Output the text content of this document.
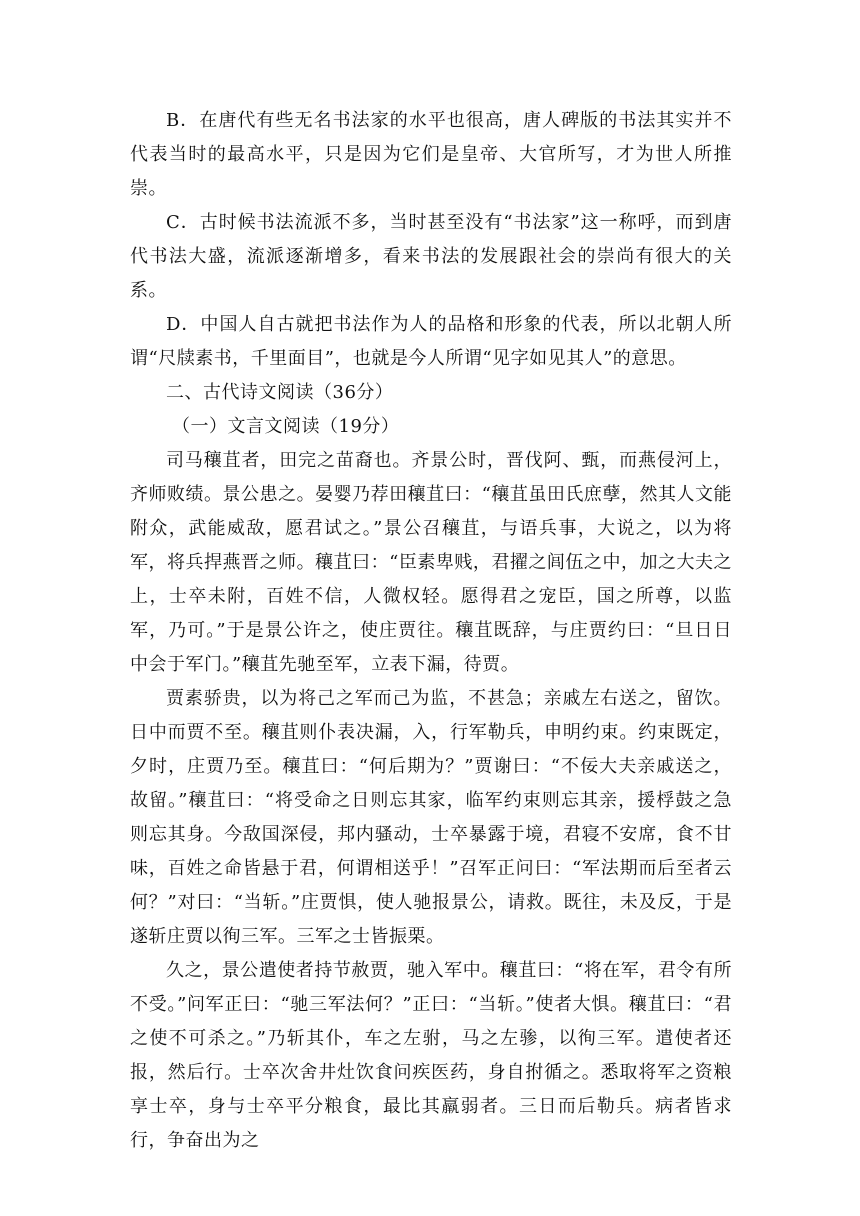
B．在唐代有些无名书法家的水平也很高，唐人碑版的书法其实并不代表当时的最高水平，只是因为它们是皇帝、大官所写，才为世人所推崇。

C．古时候书法流派不多，当时甚至没有“书法家”这一称呼，而到唐代书法大盛，流派逐渐增多，看来书法的发展跟社会的崇尚有很大的关系。

D．中国人自古就把书法作为人的品格和形象的代表，所以北朝人所谓“尺牍素书，千里面目”，也就是今人所谓“见字如见其人”的意思。

二、古代诗文阅读（36分）

（一）文言文阅读（19分）

司马穰苴者，田完之苗裔也。齐景公时，晋伐阿、甄，而燕侵河上，齐师败绩。景公患之。晏婴乃荐田穰苴曰：“穰苴虽田氏庶孽，然其人文能附众，武能威敌，愿君试之。”景公召穰苴，与语兵事，大说之，以为将军，将兵捍燕晋之师。穰苴曰：“臣素卑贱，君擢之闾伍之中，加之大夫之上，士卒未附，百姓不信，人微权轻。愿得君之宠臣，国之所尊，以监军，乃可。”于是景公许之，使庄贾往。穰苴既辞，与庄贾约曰：“旦日日中会于军门。”穰苴先驰至军，立表下漏，待贾。

贾素骄贵，以为将己之军而己为监，不甚急；亲戚左右送之，留饮。日中而贾不至。穰苴则仆表决漏，入，行军勒兵，申明约束。约束既定，夕时，庄贾乃至。穰苴曰：“何后期为？”贾谢曰：“不佞大夫亲戚送之，故留。”穰苴曰：“将受命之日则忘其家，临军约束则忘其亲，援桴鼓之急则忘其身。今敌国深侵，邦内骚动，士卒暴露于境，君寝不安席，食不甘味，百姓之命皆悬于君，何谓相送乎！”召军正问曰：“军法期而后至者云何？”对曰：“当斩。”庄贾惧，使人驰报景公，请救。既往，未及反，于是遂斩庄贾以徇三军。三军之士皆振栗。

久之，景公遣使者持节赦贾，驰入军中。穰苴曰：“将在军，君令有所不受。”问军正曰：“驰三军法何？”正曰：“当斩。”使者大惧。穰苴曰：“君之使不可杀之。”乃斩其仆，车之左驸，马之左骖，以徇三军。遣使者还报，然后行。士卒次舍井灶饮食问疾医药，身自拊循之。悉取将军之资粮享士卒，身与士卒平分粮食，最比其羸弱者。三日而后勒兵。病者皆求行，争奋出为之
